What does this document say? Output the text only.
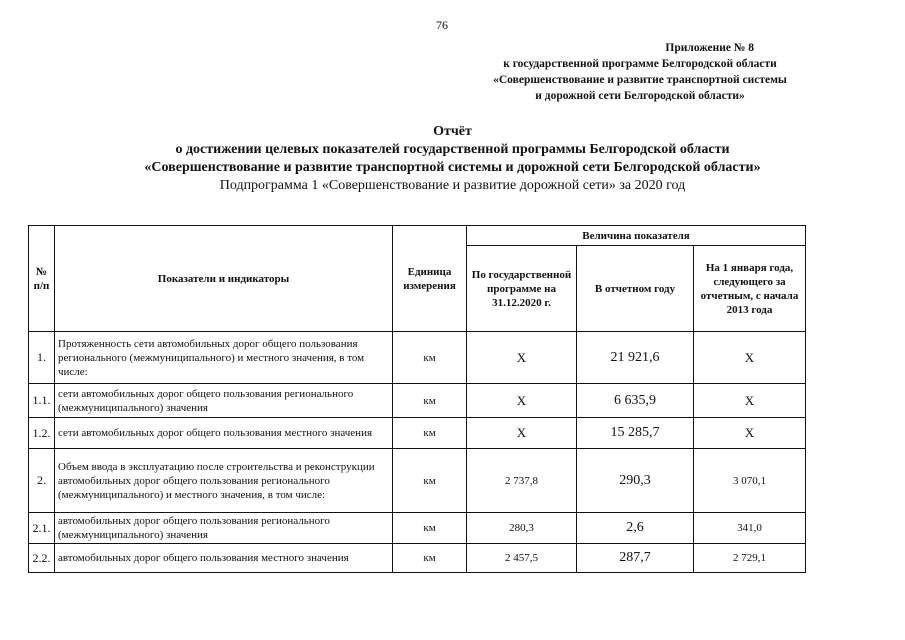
76
Приложение № 8
к государственной программе Белгородской области
«Совершенствование и развитие транспортной системы
и дорожной сети Белгородской области»
Отчёт
о достижении целевых показателей государственной программы Белгородской области
«Совершенствование и развитие транспортной системы и дорожной сети Белгородской области»
Подпрограмма 1 «Совершенствование и развитие дорожной сети» за 2020 год
№ п/п	Показатели и индикаторы	Единица измерения	Величина показателя		
			По государственной программе на 31.12.2020 г.	В отчетном году	На 1 января года, следующего за отчетным, с начала 2013 года
1.	Протяженность сети автомобильных дорог общего пользования регионального (межмуниципального) и местного значения, в том числе:	км	Х	21 921,6	Х
1.1.	сети автомобильных дорог общего пользования регионального (межмуниципального) значения	км	Х	6 635,9	Х
1.2.	сети автомобильных дорог общего пользования местного значения	км	Х	15 285,7	Х
2.	Объем ввода в эксплуатацию после строительства и реконструкции автомобильных дорог общего пользования регионального (межмуниципального) и местного значения, в том числе:	км	2 737,8	290,3	3 070,1
2.1.	автомобильных дорог общего пользования регионального (межмуниципального) значения	км	280,3	2,6	341,0
2.2.	автомобильных дорог общего пользования местного значения	км	2 457,5	287,7	2 729,1
